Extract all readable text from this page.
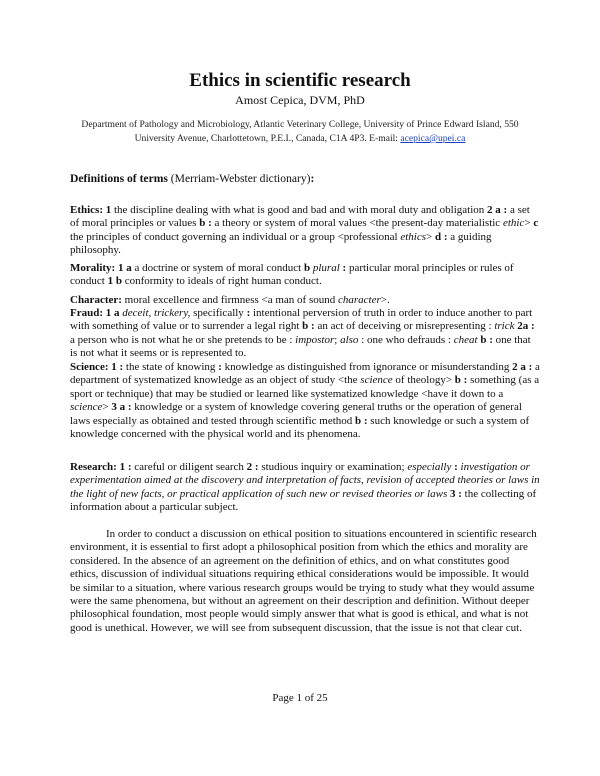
Ethics in scientific research
Amost Cepica, DVM, PhD
Department of Pathology and Microbiology, Atlantic Veterinary College, University of Prince Edward Island, 550 University Avenue, Charlottetown, P.E.I., Canada, C1A 4P3. E-mail: acepica@upei.ca
Definitions of terms (Merriam-Webster dictionary):
Ethics: 1 the discipline dealing with what is good and bad and with moral duty and obligation 2 a : a set of moral principles or values b : a theory or system of moral values <the present-day materialistic ethic> c the principles of conduct governing an individual or a group <professional ethics> d : a guiding philosophy.
Morality: 1 a a doctrine or system of moral conduct b plural : particular moral principles or rules of conduct 1 b conformity to ideals of right human conduct.
Character: moral excellence and firmness <a man of sound character>.
Fraud: 1 a deceit, trickery, specifically : intentional perversion of truth in order to induce another to part with something of value or to surrender a legal right b : an act of deceiving or misrepresenting : trick 2a : a person who is not what he or she pretends to be : impostor; also : one who defrauds : cheat b : one that is not what it seems or is represented to.
Science: 1 : the state of knowing : knowledge as distinguished from ignorance or misunderstanding 2 a : a department of systematized knowledge as an object of study <the science of theology> b : something (as a sport or technique) that may be studied or learned like systematized knowledge <have it down to a science> 3 a : knowledge or a system of knowledge covering general truths or the operation of general laws especially as obtained and tested through scientific method b : such knowledge or such a system of knowledge concerned with the physical world and its phenomena.
Research: 1 : careful or diligent search 2 : studious inquiry or examination; especially : investigation or experimentation aimed at the discovery and interpretation of facts, revision of accepted theories or laws in the light of new facts, or practical application of such new or revised theories or laws 3 : the collecting of information about a particular subject.
In order to conduct a discussion on ethical position to situations encountered in scientific research environment, it is essential to first adopt a philosophical position from which the ethics and morality are considered. In the absence of an agreement on the definition of ethics, and on what constitutes good ethics, discussion of individual situations requiring ethical considerations would be impossible. It would be similar to a situation, where various research groups would be trying to study what they would assume were the same phenomena, but without an agreement on their description and definition. Without deeper philosophical foundation, most people would simply answer that what is good is ethical, and what is not good is unethical. However, we will see from subsequent discussion, that the issue is not that clear cut.
Page 1 of 25
